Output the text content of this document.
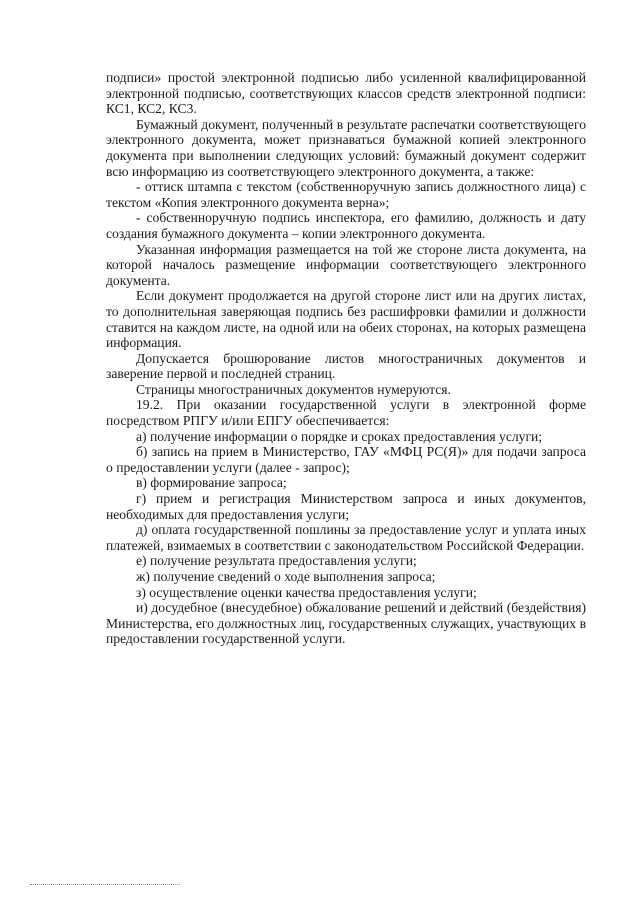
подписи» простой электронной подписью либо усиленной квалифицированной электронной подписью, соответствующих классов средств электронной подписи: КС1, КС2, КС3.

Бумажный документ, полученный в результате распечатки соответствующего электронного документа, может признаваться бумажной копией электронного документа при выполнении следующих условий: бумажный документ содержит всю информацию из соответствующего электронного документа, а также:

- оттиск штампа с текстом (собственноручную запись должностного лица) с текстом «Копия электронного документа верна»;

- собственноручную подпись инспектора, его фамилию, должность и дату создания бумажного документа – копии электронного документа.

Указанная информация размещается на той же стороне листа документа, на которой началось размещение информации соответствующего электронного документа.

Если документ продолжается на другой стороне лист или на других листах, то дополнительная заверяющая подпись без расшифровки фамилии и должности ставится на каждом листе, на одной или на обеих сторонах, на которых размещена информация.

Допускается брошюрование листов многостраничных документов и заверение первой и последней страниц.

Страницы многостраничных документов нумеруются.

19.2. При оказании государственной услуги в электронной форме посредством РПГУ и/или ЕПГУ обеспечивается:

а) получение информации о порядке и сроках предоставления услуги;

б) запись на прием в Министерство, ГАУ «МФЦ РС(Я)» для подачи запроса о предоставлении услуги (далее - запрос);

в) формирование запроса;

г) прием и регистрация Министерством запроса и иных документов, необходимых для предоставления услуги;

д) оплата государственной пошлины за предоставление услуг и уплата иных платежей, взимаемых в соответствии с законодательством Российской Федерации.

е) получение результата предоставления услуги;

ж) получение сведений о ходе выполнения запроса;

з) осуществление оценки качества предоставления услуги;

и) досудебное (внесудебное) обжалование решений и действий (бездействия) Министерства, его должностных лиц, государственных служащих, участвующих в предоставлении государственной услуги.
